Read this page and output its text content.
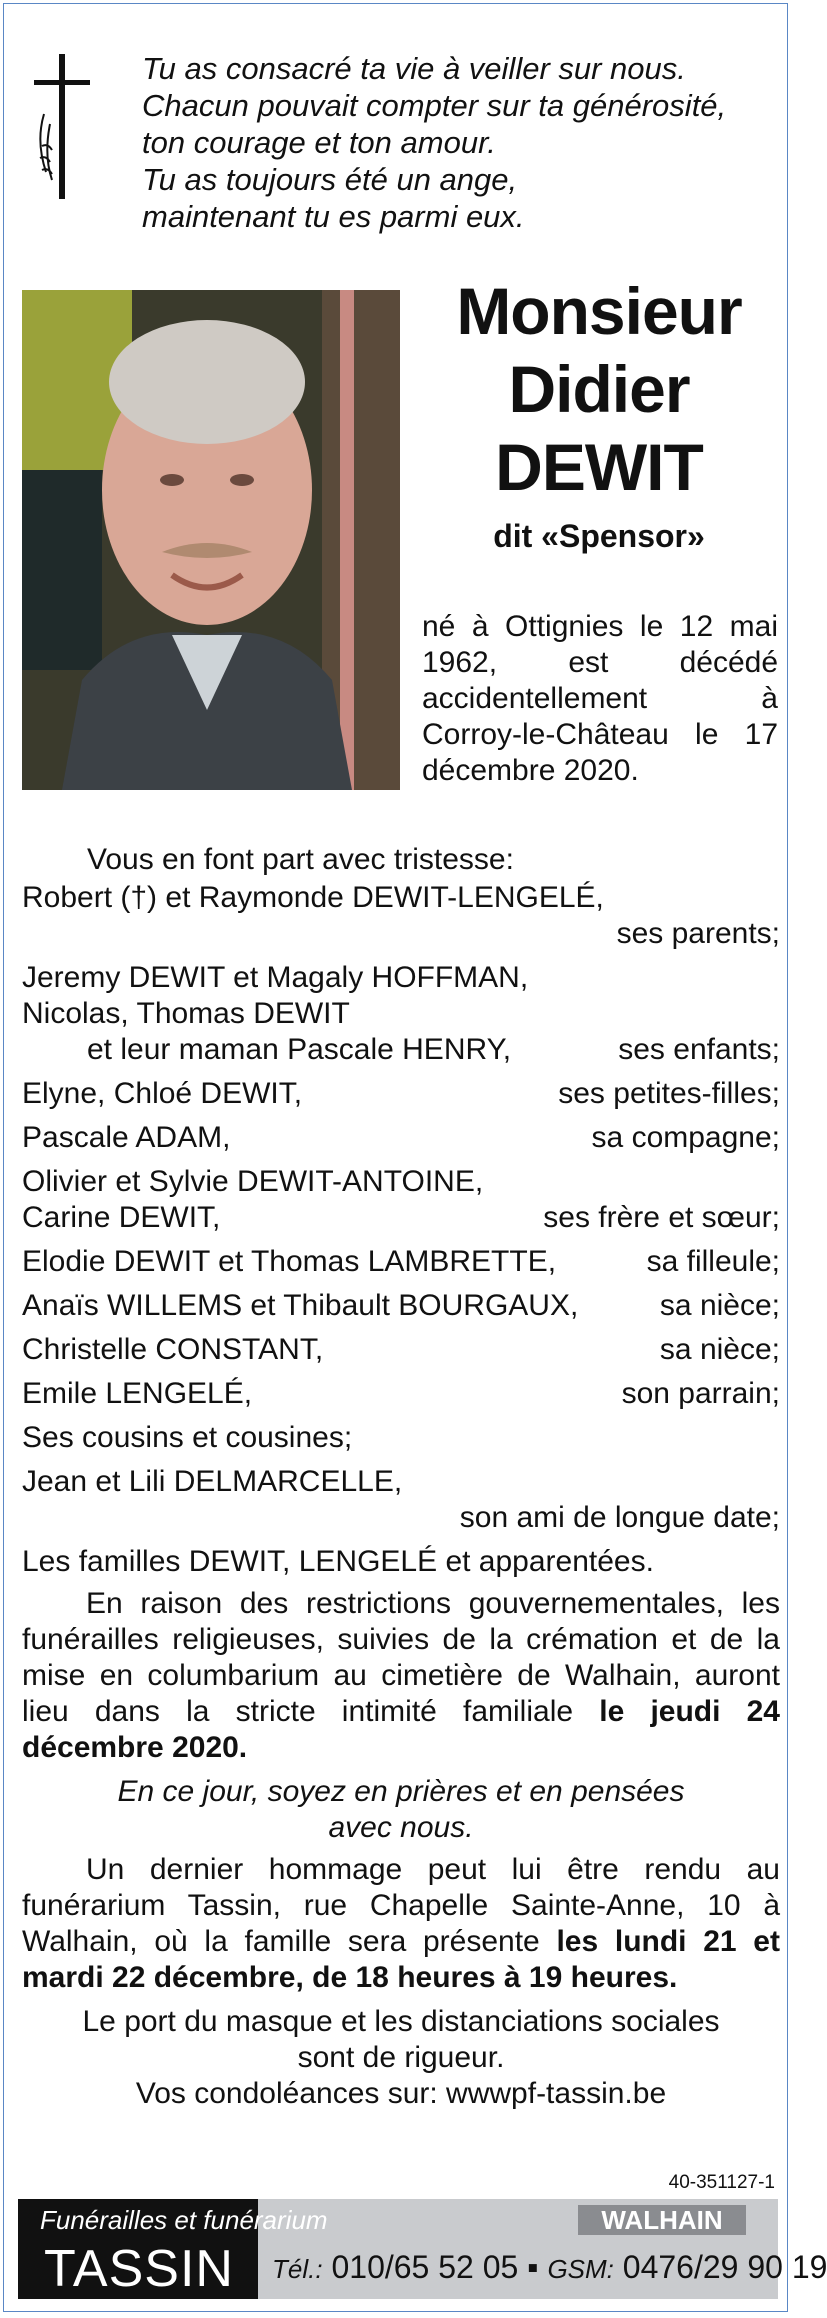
Tu as consacré ta vie à veiller sur nous.
Chacun pouvait compter sur ta générosité,
ton courage et ton amour.
Tu as toujours été un ange,
maintenant tu es parmi eux.
Monsieur
Didier
DEWIT
dit «Spensor»
né à Ottignies le 12 mai 1962, est décédé accidentellement à Corroy-le-Château le 17 décembre 2020.
Vous en font part avec tristesse:
Robert (†) et Raymonde DEWIT-LENGELÉ,
ses parents;
Jeremy DEWIT et Magaly HOFFMAN,
Nicolas, Thomas DEWIT
et leur maman Pascale HENRY,	ses enfants;
Elyne, Chloé DEWIT,	ses petites-filles;
Pascale ADAM,	sa compagne;
Olivier et Sylvie DEWIT-ANTOINE,
Carine DEWIT,	ses frère et sœur;
Elodie DEWIT et Thomas LAMBRETTE,	sa filleule;
Anaïs WILLEMS et Thibault BOURGAUX,	sa nièce;
Christelle CONSTANT,	sa nièce;
Emile LENGELÉ,	son parrain;
Ses cousins et cousines;
Jean et Lili DELMARCELLE,
son ami de longue date;
Les familles DEWIT, LENGELÉ et apparentées.
En raison des restrictions gouvernementales, les funérailles religieuses, suivies de la crémation et de la mise en columbarium au cimetière de Walhain, auront lieu dans la stricte intimité familiale le jeudi 24 décembre 2020.
En ce jour, soyez en prières et en pensées
avec nous.
Un dernier hommage peut lui être rendu au funérarium Tassin, rue Chapelle Sainte-Anne, 10 à Walhain, où la famille sera présente les lundi 21 et mardi 22 décembre, de 18 heures à 19 heures.
Le port du masque et les distanciations sociales
sont de rigueur.
Vos condoléances sur: wwwpf-tassin.be
40-351127-1
Funérailles et funérarium
TASSIN
WALHAIN
Tél.: 010/65 52 05 ▪ GSM: 0476/29 90 19
